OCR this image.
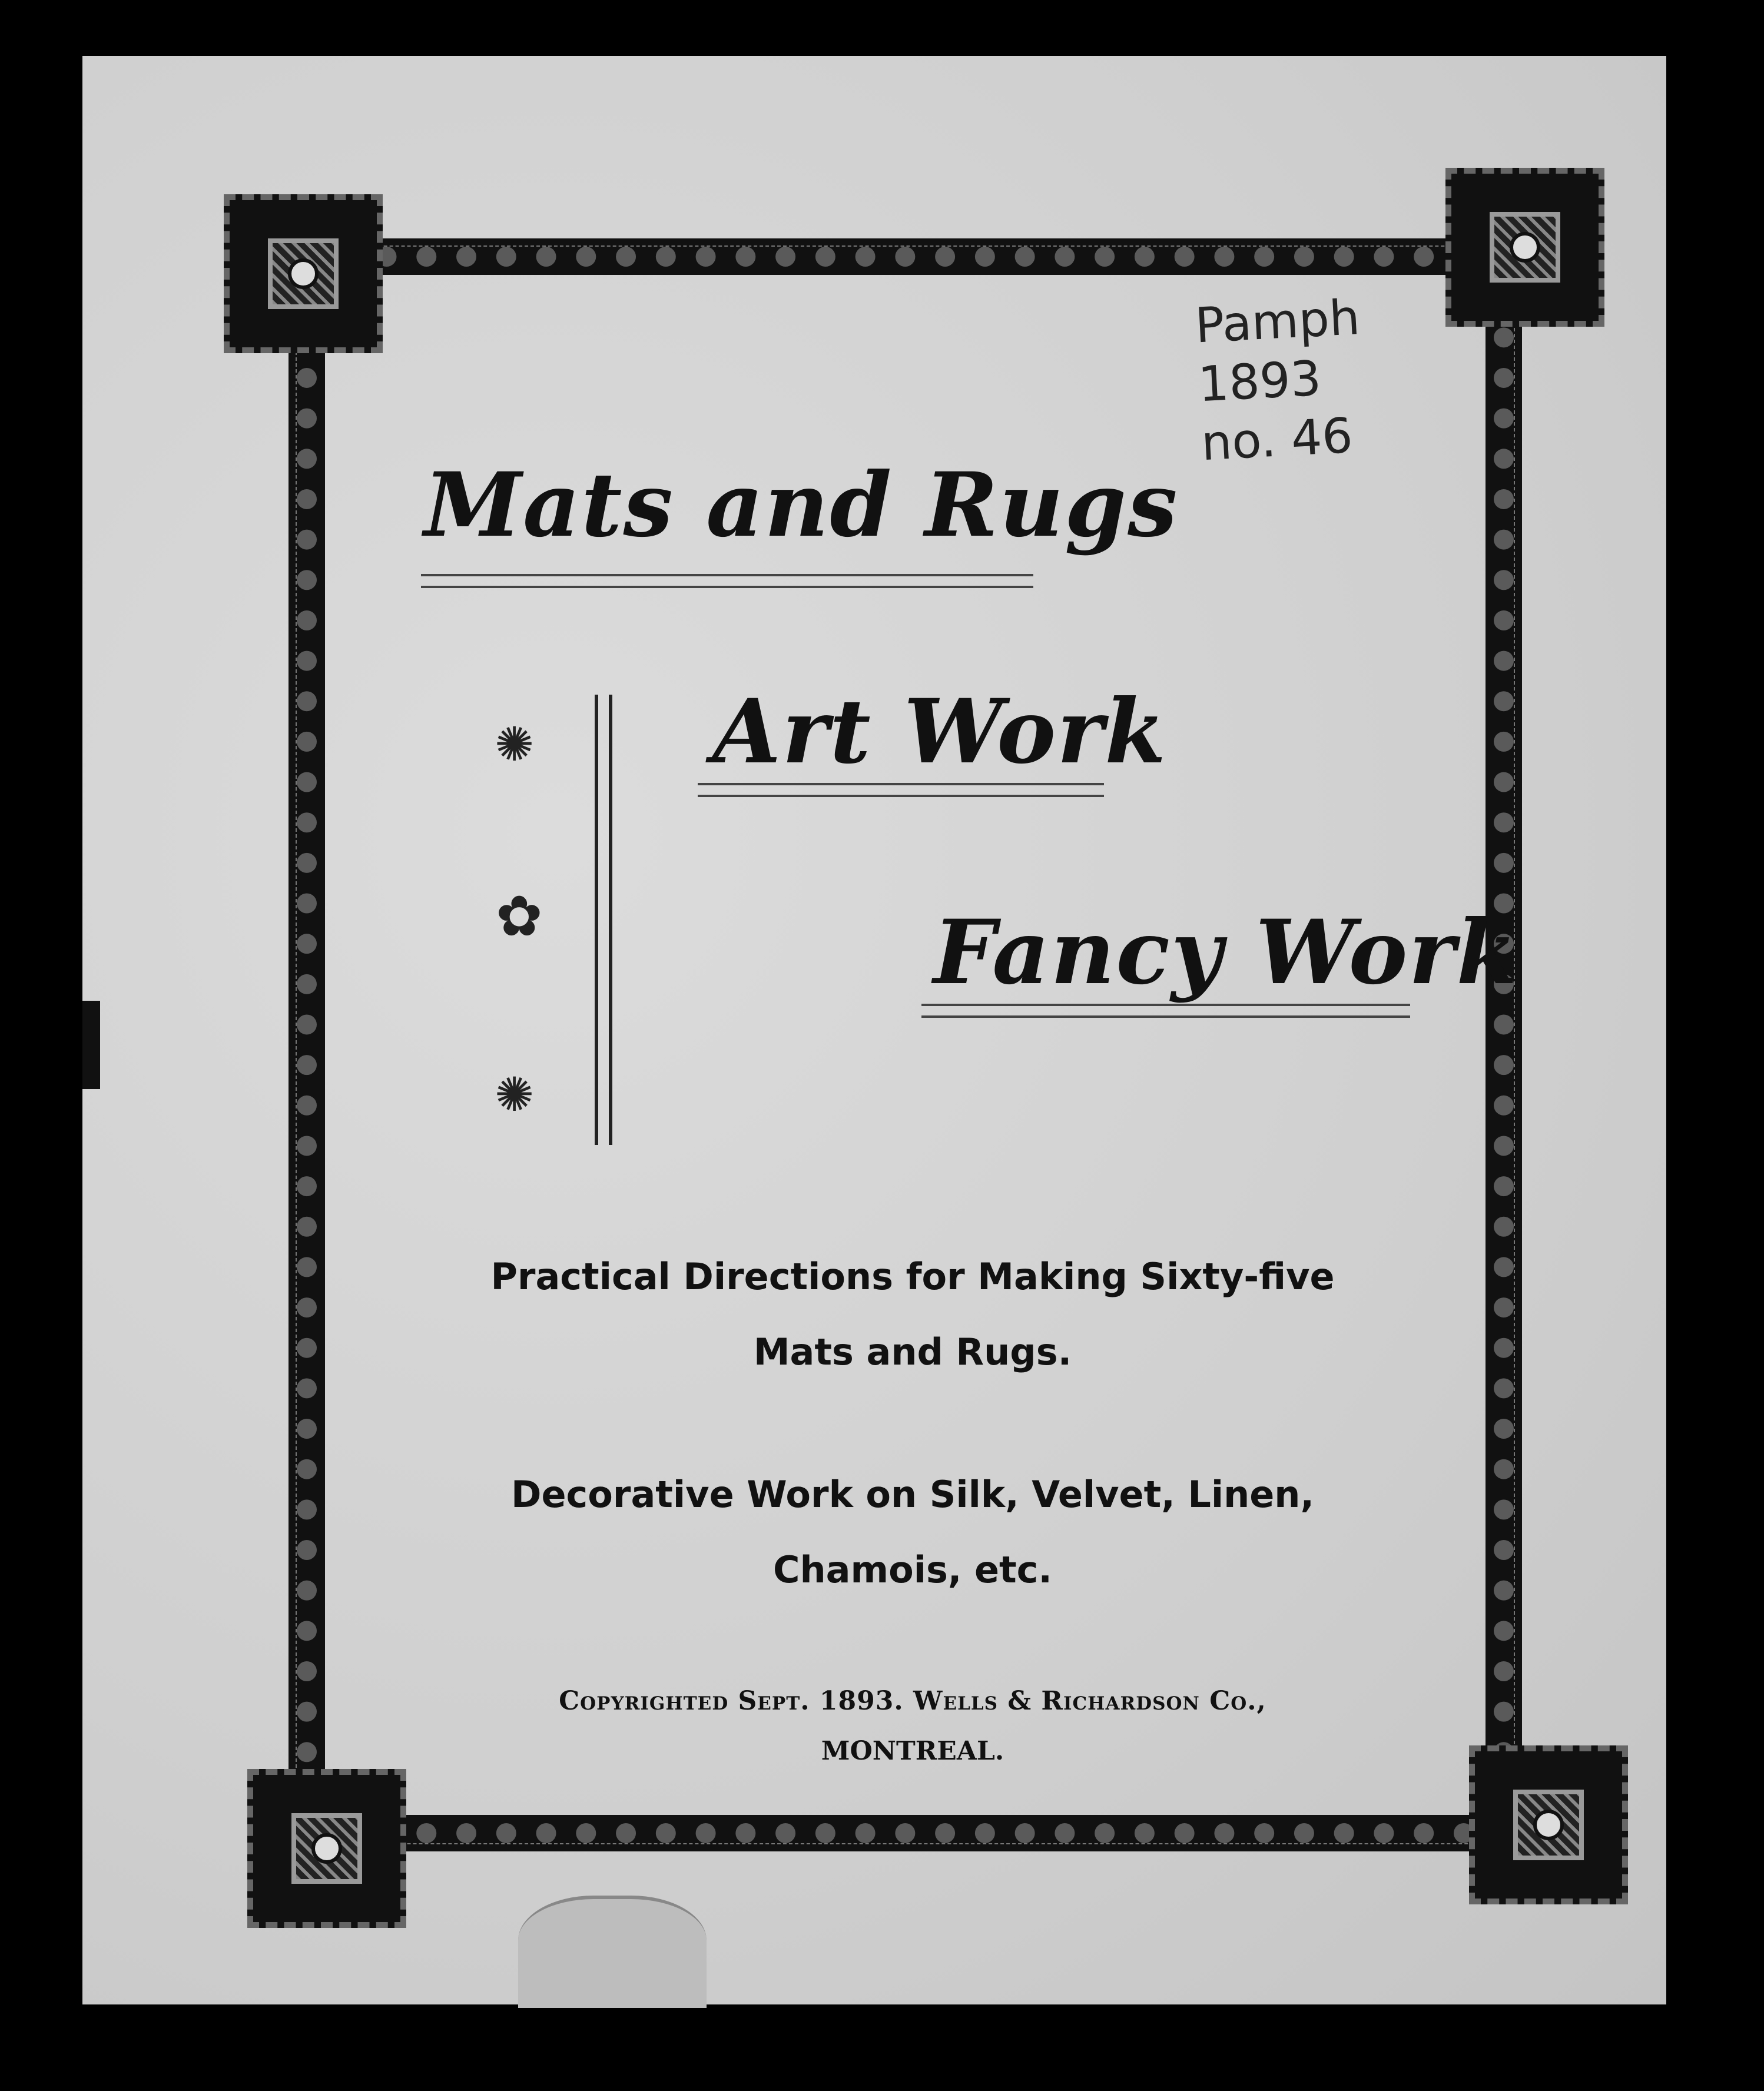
Pamph
1893
no. 46
Mats and Rugs
Art Work
Fancy Work
✺
✿
✺
Practical Directions for Making Sixty-five
Mats and Rugs.
Decorative Work on Silk, Velvet, Linen,
Chamois, etc.
Copyrighted Sept. 1893. Wells & Richardson Co.,
MONTREAL.
